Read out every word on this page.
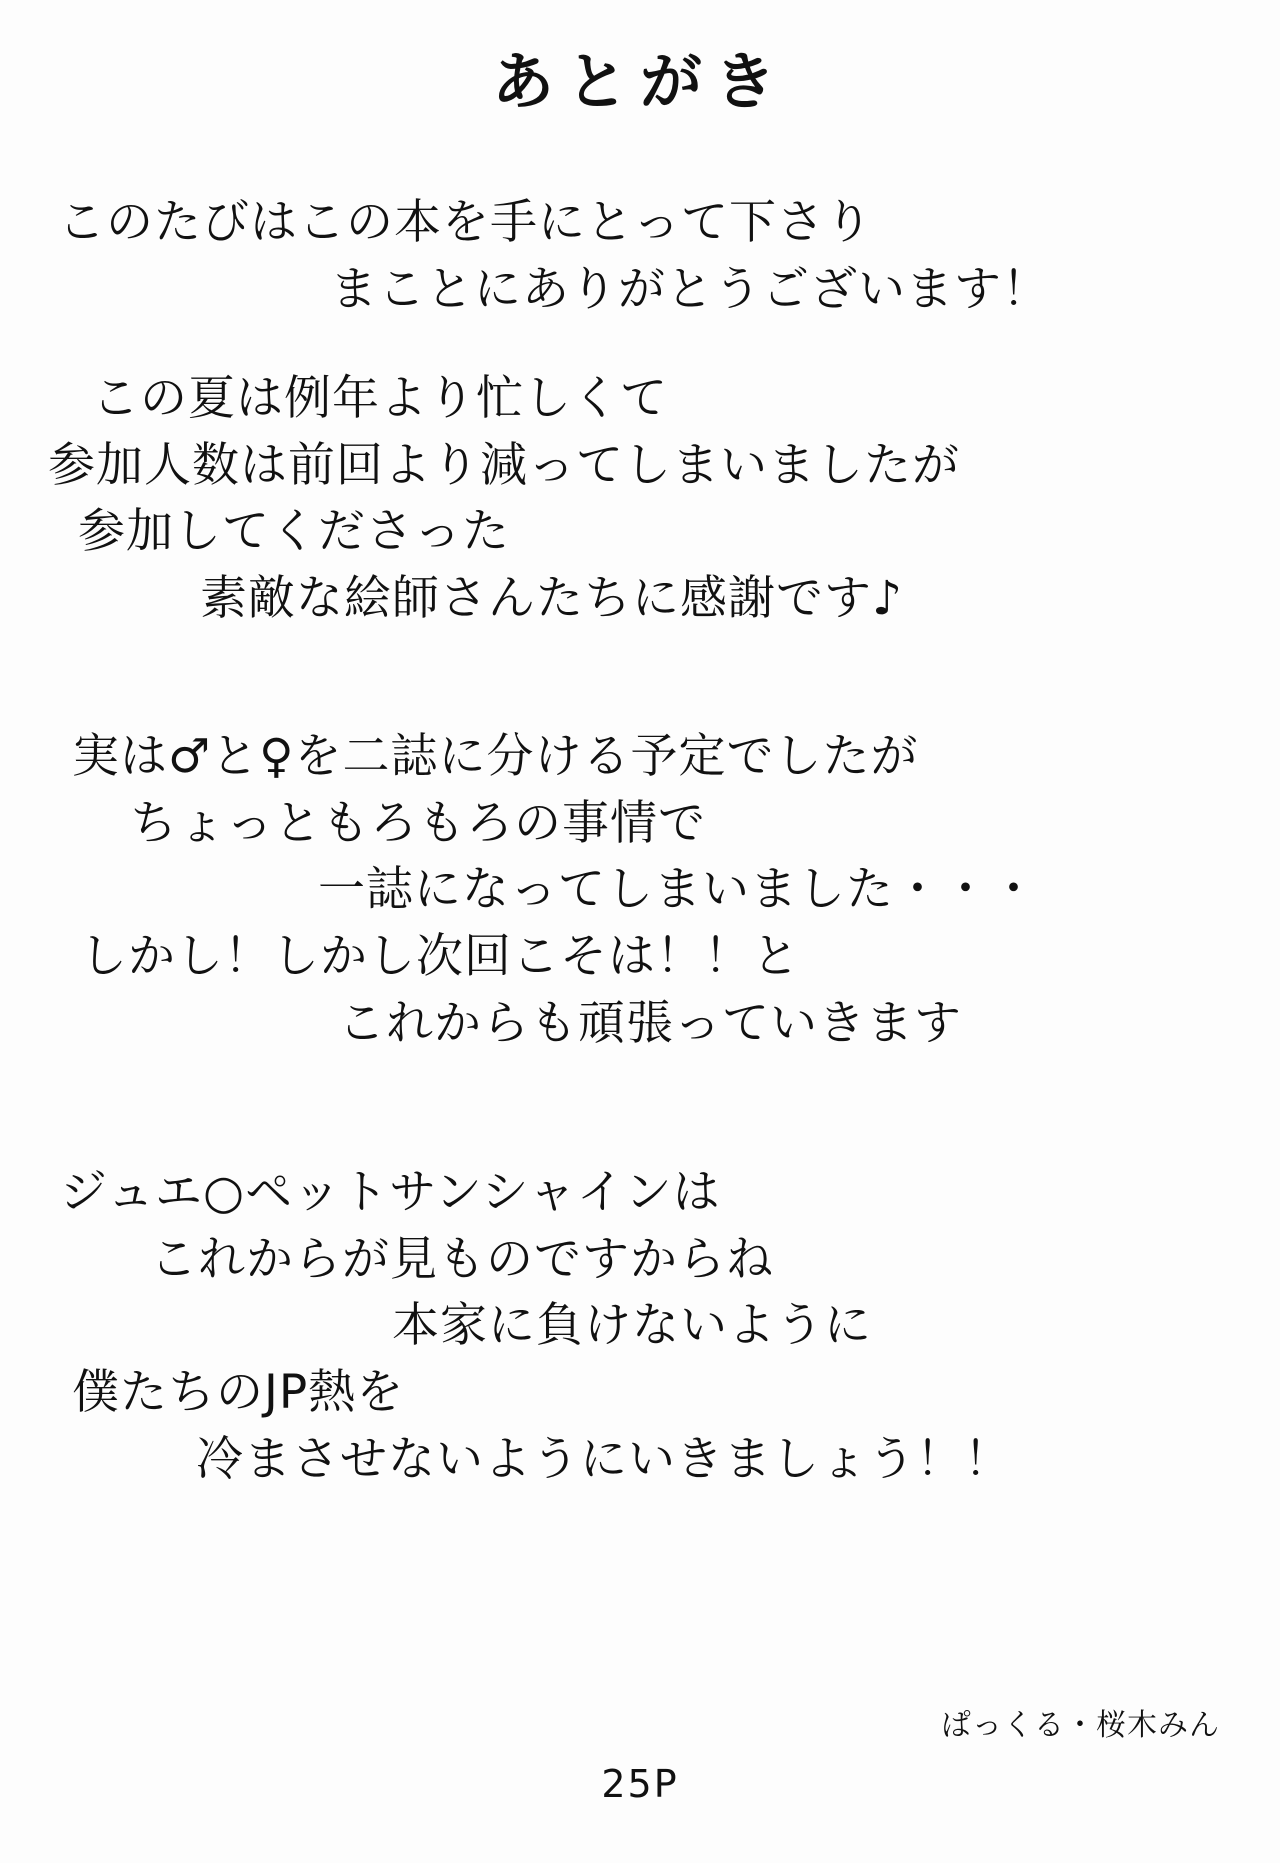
あとがき
このたびはこの本を手にとって下さり
まことにありがとうございます！
この夏は例年より忙しくて
参加人数は前回より減ってしまいましたが
参加してくださった
素敵な絵師さんたちに感謝です♪
実は♂と♀を二誌に分ける予定でしたが
ちょっともろもろの事情で
一誌になってしまいました・・・
しかし！しかし次回こそは！！と
これからも頑張っていきます
ジュエ○ペットサンシャインは
これからが見ものですからね
本家に負けないように
僕たちのJP熱を
冷まさせないようにいきましょう！！
ぱっくる・桜木みん
25P
